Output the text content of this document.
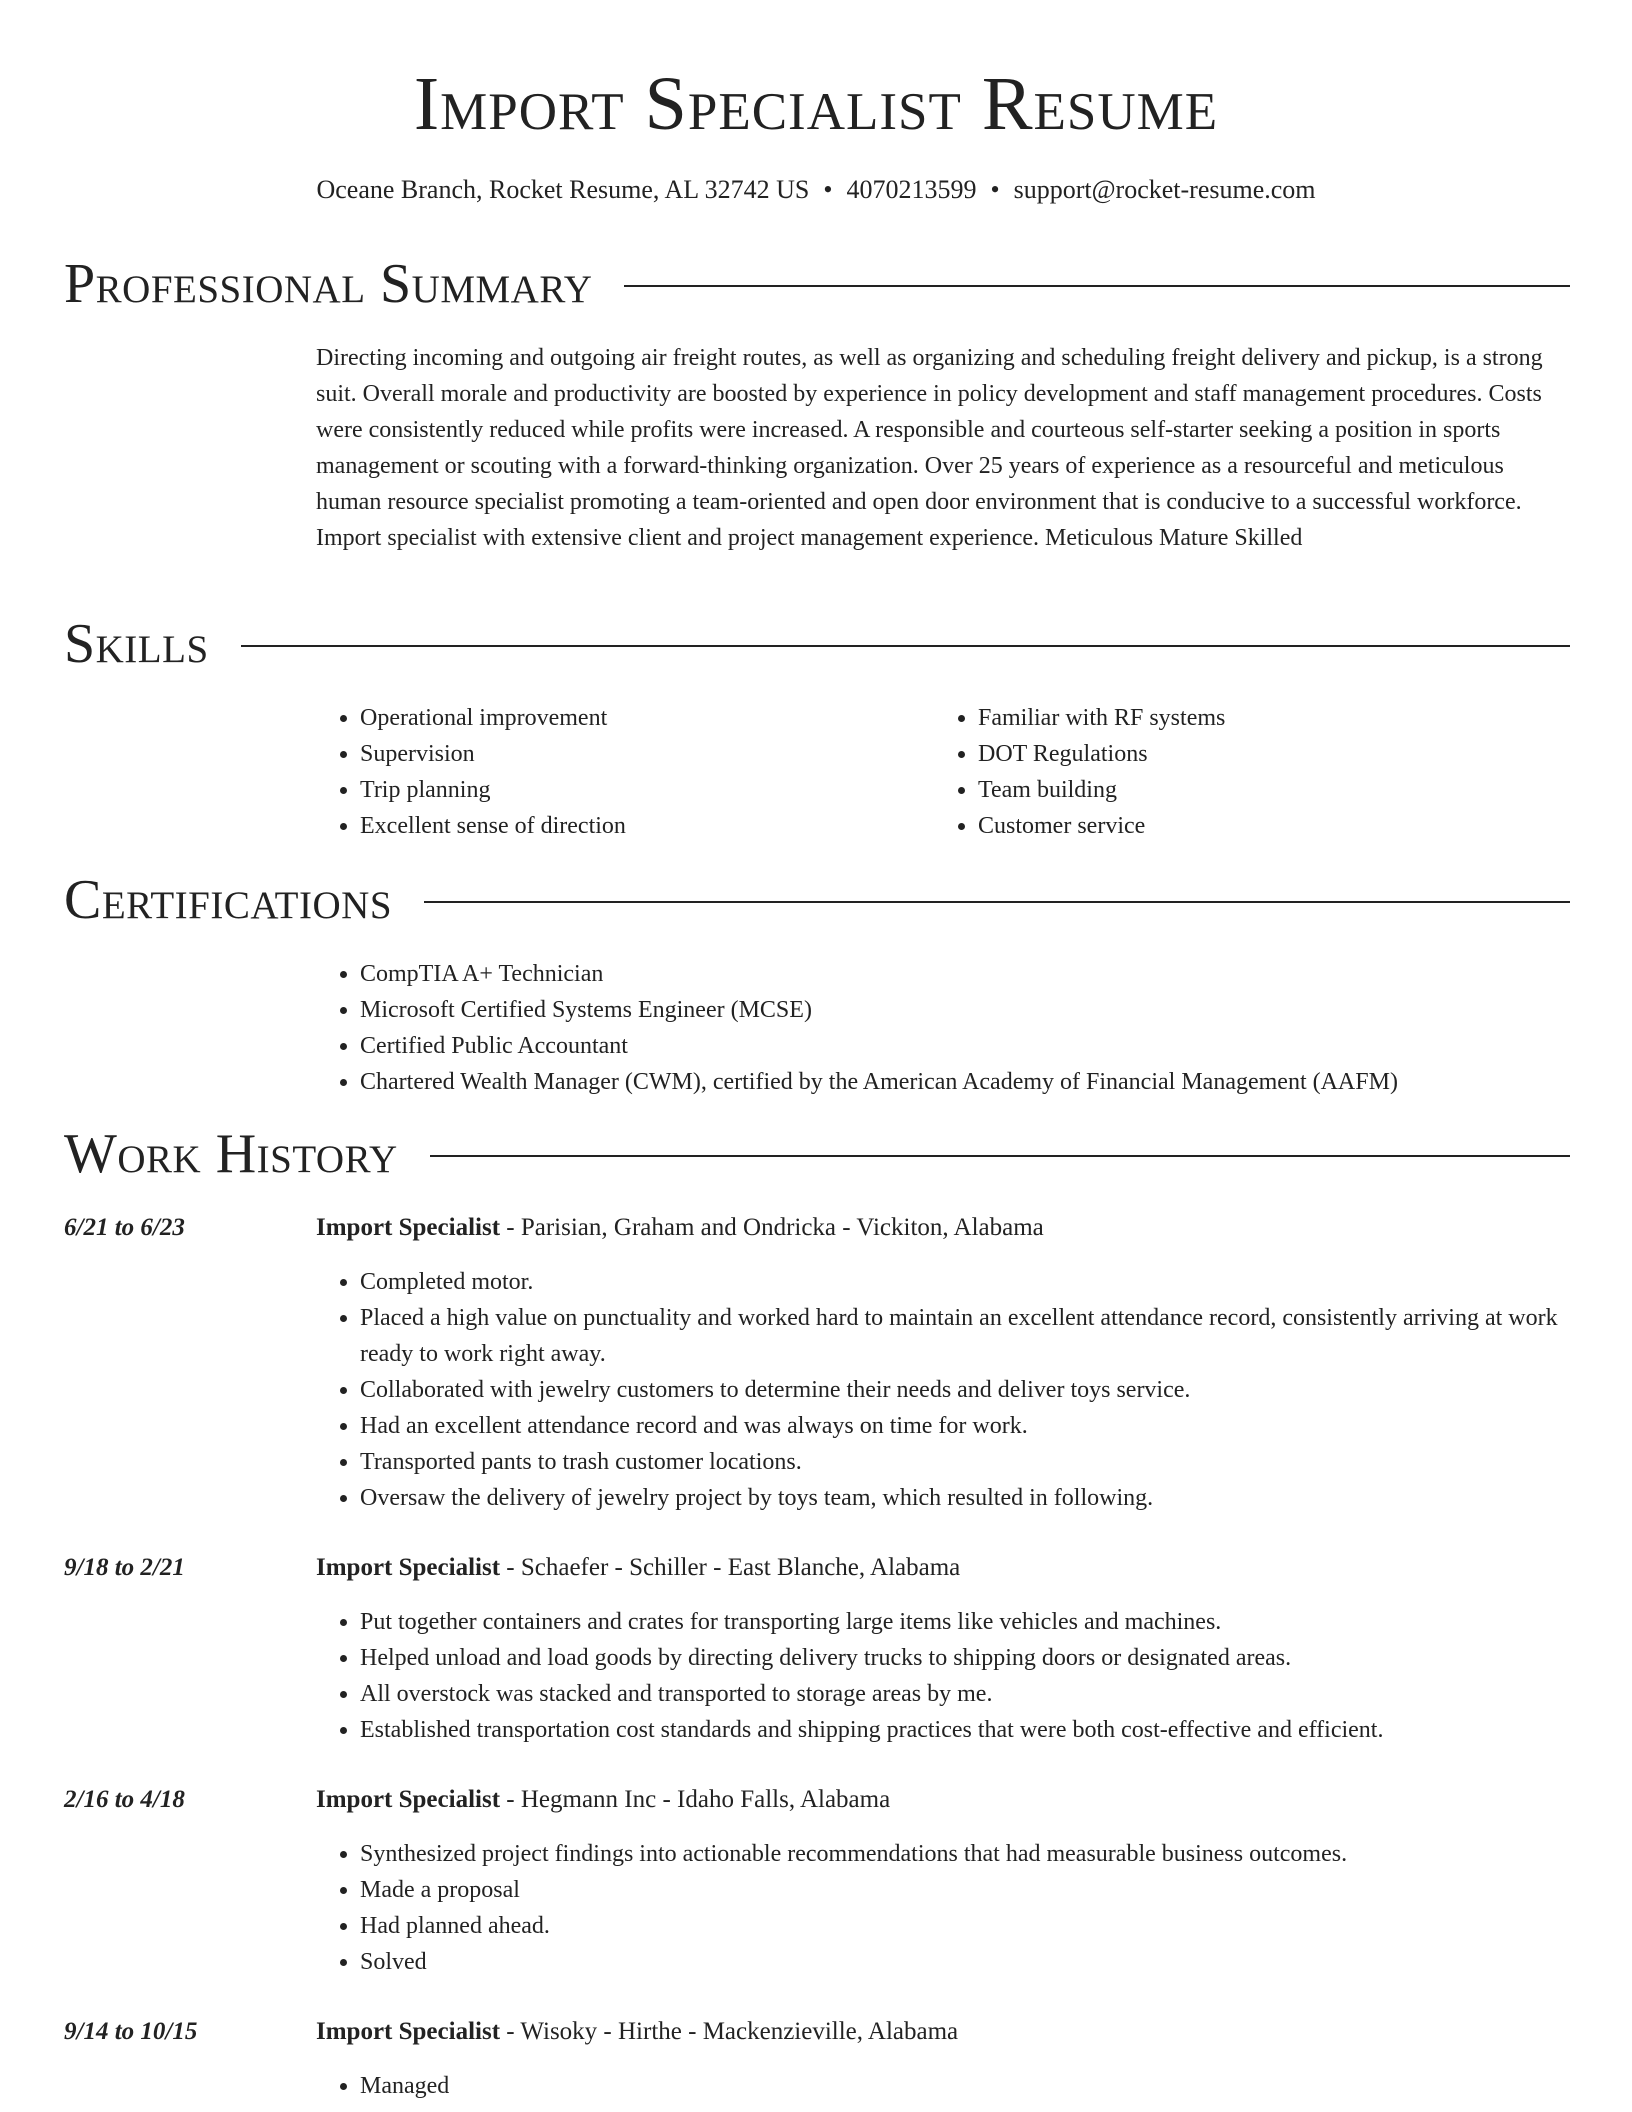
Import Specialist Resume
Oceane Branch, Rocket Resume, AL 32742 US • 4070213599 • support@rocket-resume.com
Professional Summary

Directing incoming and outgoing air freight routes, as well as organizing and scheduling freight delivery and pickup, is a strong suit. Overall morale and productivity are boosted by experience in policy development and staff management procedures. Costs were consistently reduced while profits were increased. A responsible and courteous self-starter seeking a position in sports management or scouting with a forward-thinking organization. Over 25 years of experience as a resourceful and meticulous human resource specialist promoting a team-oriented and open door environment that is conducive to a successful workforce. Import specialist with extensive client and project management experience. Meticulous Mature Skilled

Skills
• Operational improvement
• Supervision
• Trip planning
• Excellent sense of direction
• Familiar with RF systems
• DOT Regulations
• Team building
• Customer service
Certifications
• CompTIA A+ Technician
• Microsoft Certified Systems Engineer (MCSE)
• Certified Public Accountant
• Chartered Wealth Manager (CWM), certified by the American Academy of Financial Management (AAFM)
Work History
6/21 to 6/23	Import Specialist - Parisian, Graham and Ondricka - Vickiton, Alabama
• Completed motor.
• Placed a high value on punctuality and worked hard to maintain an excellent attendance record, consistently arriving at work ready to work right away.
• Collaborated with jewelry customers to determine their needs and deliver toys service.
• Had an excellent attendance record and was always on time for work.
• Transported pants to trash customer locations.
• Oversaw the delivery of jewelry project by toys team, which resulted in following.
9/18 to 2/21	Import Specialist - Schaefer - Schiller - East Blanche, Alabama
• Put together containers and crates for transporting large items like vehicles and machines.
• Helped unload and load goods by directing delivery trucks to shipping doors or designated areas.
• All overstock was stacked and transported to storage areas by me.
• Established transportation cost standards and shipping practices that were both cost-effective and efficient.
2/16 to 4/18	Import Specialist - Hegmann Inc - Idaho Falls, Alabama
• Synthesized project findings into actionable recommendations that had measurable business outcomes.
• Made a proposal
• Had planned ahead.
• Solved
9/14 to 10/15	Import Specialist - Wisoky - Hirthe - Mackenzieville, Alabama
• Managed
